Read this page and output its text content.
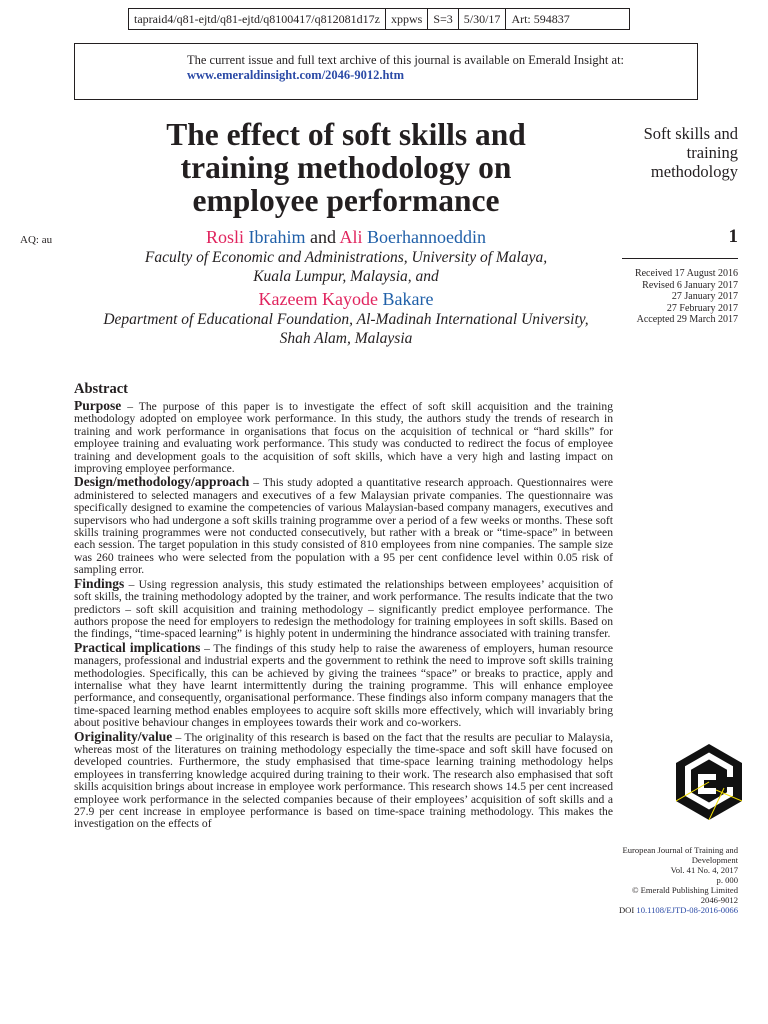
tapraid4/q81-ejtd/q81-ejtd/q8100417/q812081d17z xppws S=3 5/30/17 Art: 594837
The current issue and full text archive of this journal is available on Emerald Insight at:
www.emeraldinsight.com/2046-9012.htm
The effect of soft skills and
training methodology on
employee performance
AQ: au	Rosli Ibrahim and Ali Boerhannoeddin
Faculty of Economic and Administrations, University of Malaya,
Kuala Lumpur, Malaysia, and
Kazeem Kayode Bakare
Department of Educational Foundation, Al-Madinah International University,
Shah Alam, Malaysia
Soft skills and
training
methodology
1
Received 17 August 2016
Revised 6 January 2017
27 January 2017
27 February 2017
Accepted 29 March 2017
Abstract

Purpose – The purpose of this paper is to investigate the effect of soft skill acquisition and the training methodology adopted on employee work performance. In this study, the authors study the trends of research in training and work performance in organisations that focus on the acquisition of technical or “hard skills” for employee training and evaluating work performance. This study was conducted to redirect the focus of employee training and development goals to the acquisition of soft skills, which have a very high and lasting impact on improving employee performance.

Design/methodology/approach – This study adopted a quantitative research approach. Questionnaires were administered to selected managers and executives of a few Malaysian private companies. The questionnaire was specifically designed to examine the competencies of various Malaysian-based company managers, executives and supervisors who had undergone a soft skills training programme over a period of a few weeks or months. These soft skills training programmes were not conducted consecutively, but rather with a break or “time-space” in between each session. The target population in this study consisted of 810 employees from nine companies. The sample size was 260 trainees who were selected from the population with a 95 per cent confidence level within 0.05 risk of sampling error.

Findings – Using regression analysis, this study estimated the relationships between employees’ acquisition of soft skills, the training methodology adopted by the trainer, and work performance. The results indicate that the two predictors – soft skill acquisition and training methodology – significantly predict employee performance. The authors propose the need for employers to redesign the methodology for training employees in soft skills. Based on the findings, “time-spaced learning” is highly potent in undermining the hindrance associated with training transfer.

Practical implications – The findings of this study help to raise the awareness of employers, human resource managers, professional and industrial experts and the government to rethink the need to improve soft skills training methodologies. Specifically, this can be achieved by giving the trainees “space” or breaks to practice, apply and internalise what they have learnt intermittently during the training programme. This will enhance employee performance, and consequently, organisational performance. These findings also inform company managers that the time-spaced learning method enables employees to acquire soft skills more effectively, which will invariably bring about positive behaviour changes in employees towards their work and co-workers.

Originality/value – The originality of this research is based on the fact that the results are peculiar to Malaysia, whereas most of the literatures on training methodology especially the time-space and soft skill have focused on developed countries. Furthermore, the study emphasised that time-space learning training methodology helps employees in transferring knowledge acquired during training to their work. The research also emphasised that soft skills acquisition brings about increase in employee work performance. This research shows 14.5 per cent increased employee work performance in the selected companies because of their employees’ acquisition of soft skills and a 27.9 per cent increase in employee performance is based on time-space training methodology. This makes the investigation on the effects of

European Journal of Training and
Development
Vol. 41 No. 4, 2017
p. 000
© Emerald Publishing Limited
2046-9012
DOI 10.1108/EJTD-08-2016-0066
